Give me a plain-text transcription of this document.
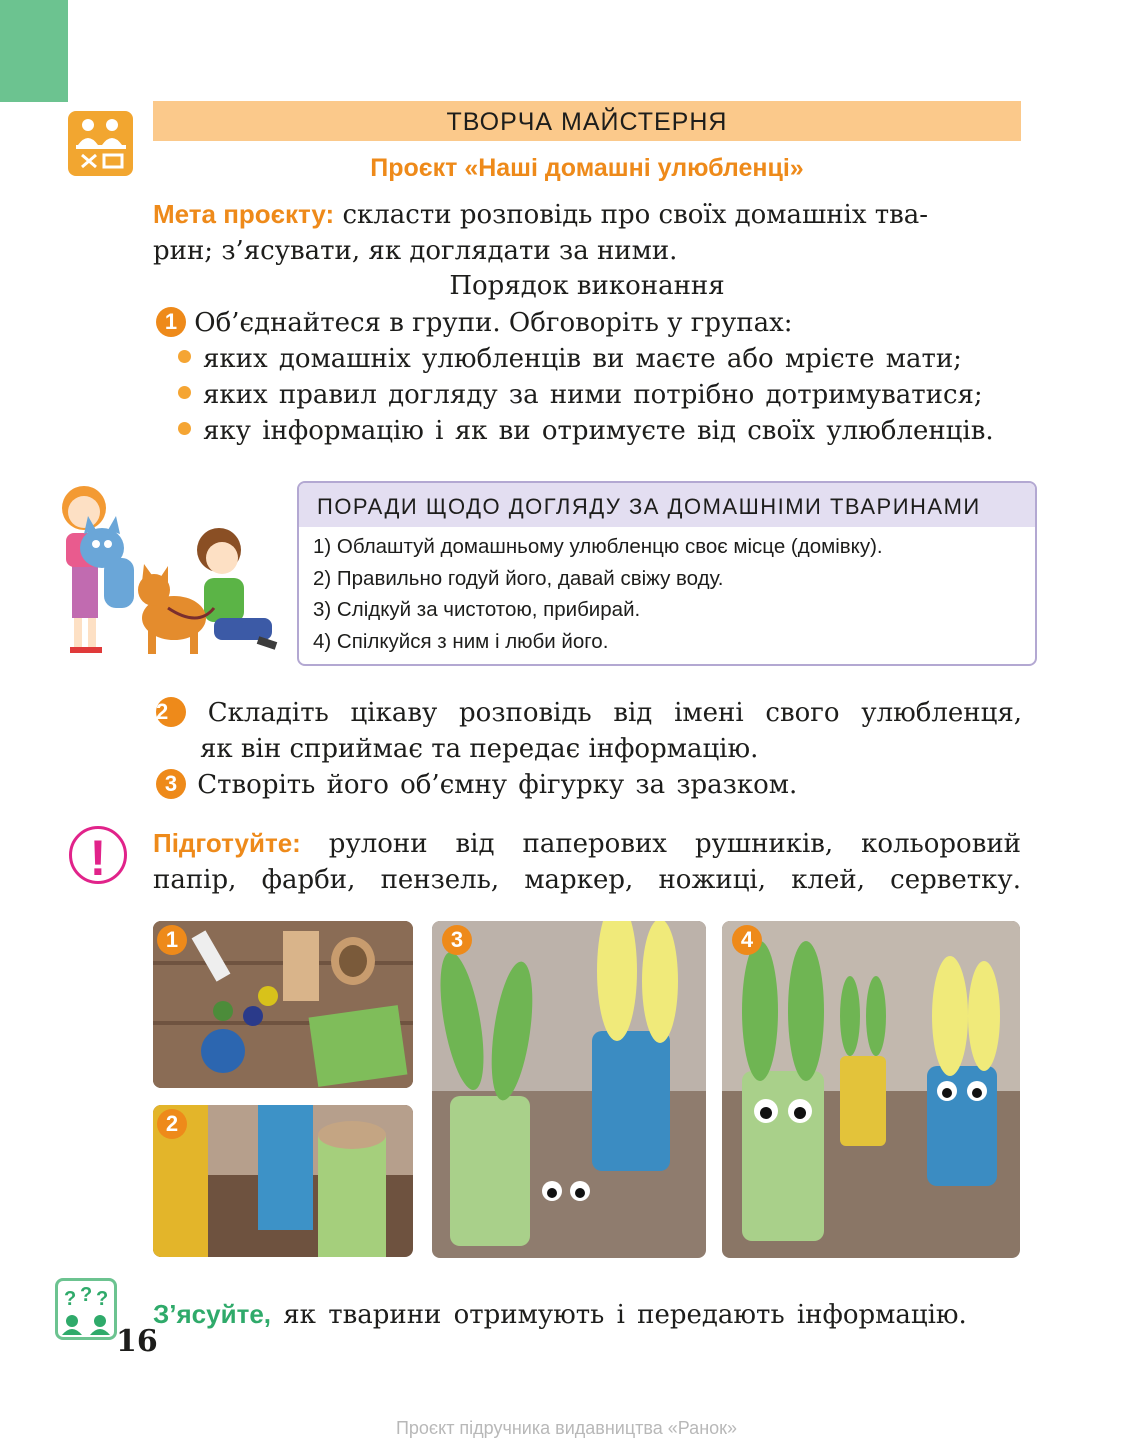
ТВОРЧА МАЙСТЕРНЯ
Проєкт «Наші домашні улюбленці»
Мета проєкту: скласти розповідь про своїх домашніх тва-
рин; з’ясувати, як доглядати за ними.
Порядок виконання
1 Об’єднайтеся в групи. Обговоріть у групах:
яких домашніх улюбленців ви маєте або мрієте мати;
яких правил догляду за ними потрібно дотримуватися;
яку інформацію і як ви отримуєте від своїх улюбленців.
ПОРАДИ ЩОДО ДОГЛЯДУ ЗА ДОМАШНІМИ ТВАРИНАМИ
1) Облаштуй домашньому улюбленцю своє місце (домівку).
2) Правильно годуй його, давай свіжу воду.
3) Слідкуй за чистотою, прибирай.
4) Спілкуйся з ним і люби його.
2 Складіть цікаву розповідь від імені свого улюбленця,
як він сприймає та передає інформацію.
3 Створіть його об’ємну фігурку за зразком.
!	Підготуйте: рулони від паперових рушників, кольоровий
папір, фарби, пензель, маркер, ножиці, клей, серветку.
1
2
3	4
? ? ? З’ясуйте, як тварини отримують і передають інформацію.
16
Проєкт підручника видавництва «Ранок»
